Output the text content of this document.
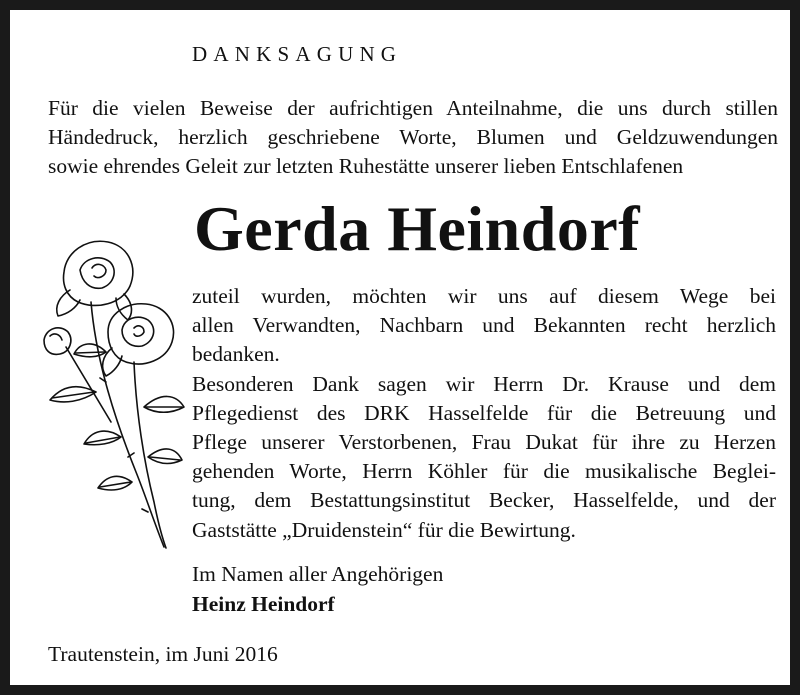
DANKSAGUNG
Für die vielen Beweise der aufrichtigen Anteilnahme, die uns durch stillen
Händedruck, herzlich geschriebene Worte, Blumen und Geldzuwendungen
sowie ehrendes Geleit zur letzten Ruhestätte unserer lieben Entschlafenen
Gerda Heindorf
zuteil wurden, möchten wir uns auf diesem Wege bei
allen Verwandten, Nachbarn und Bekannten recht herzlich
bedanken.
Besonderen Dank sagen wir Herrn Dr. Krause und dem
Pflegedienst des DRK Hasselfelde für die Betreuung und
Pflege unserer Verstorbenen, Frau Dukat für ihre zu Herzen
gehenden Worte, Herrn Köhler für die musikalische Beglei-
tung, dem Bestattungsinstitut Becker, Hasselfelde, und der
Gaststätte „Druidenstein“ für die Bewirtung.
Im Namen aller Angehörigen
Heinz Heindorf
Trautenstein, im Juni 2016
